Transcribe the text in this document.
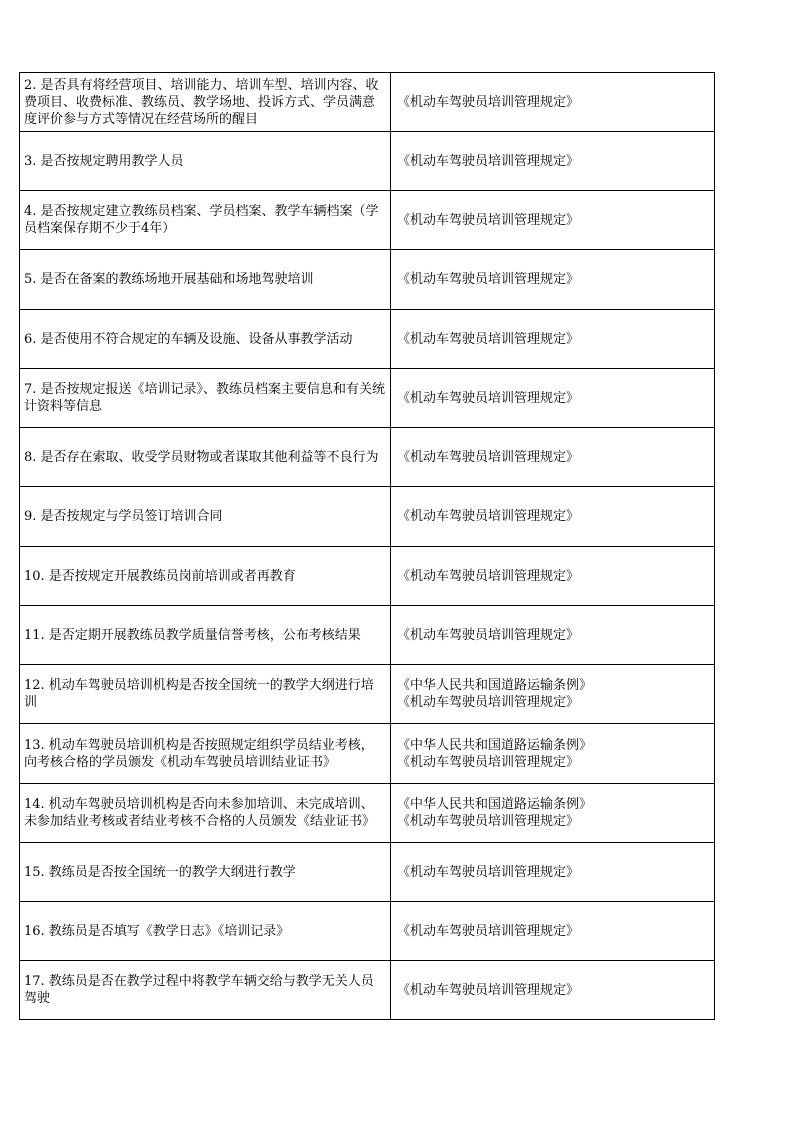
2. 是否具有将经营项目、培训能力、培训车型、培训内容、收费项目、收费标准、教练员、教学场地、投诉方式、学员满意度评价参与方式等情况在经营场所的醒目	《机动车驾驶员培训管理规定》

3. 是否按规定聘用教学人员	《机动车驾驶员培训管理规定》

4. 是否按规定建立教练员档案、学员档案、教学车辆档案（学员档案保存期不少于4年）	《机动车驾驶员培训管理规定》

5. 是否在备案的教练场地开展基础和场地驾驶培训	《机动车驾驶员培训管理规定》

6. 是否使用不符合规定的车辆及设施、设备从事教学活动	《机动车驾驶员培训管理规定》

7. 是否按规定报送《培训记录》、教练员档案主要信息和有关统计资料等信息	《机动车驾驶员培训管理规定》

8. 是否存在索取、收受学员财物或者谋取其他利益等不良行为	《机动车驾驶员培训管理规定》

9. 是否按规定与学员签订培训合同	《机动车驾驶员培训管理规定》

10. 是否按规定开展教练员岗前培训或者再教育	《机动车驾驶员培训管理规定》

11. 是否定期开展教练员教学质量信誉考核，公布考核结果	《机动车驾驶员培训管理规定》

12. 机动车驾驶员培训机构是否按全国统一的教学大纲进行培训	《中华人民共和国道路运输条例》
《机动车驾驶员培训管理规定》

13. 机动车驾驶员培训机构是否按照规定组织学员结业考核，向考核合格的学员颁发《机动车驾驶员培训结业证书》	《中华人民共和国道路运输条例》
《机动车驾驶员培训管理规定》

14. 机动车驾驶员培训机构是否向未参加培训、未完成培训、未参加结业考核或者结业考核不合格的人员颁发《结业证书》	《中华人民共和国道路运输条例》
《机动车驾驶员培训管理规定》

15. 教练员是否按全国统一的教学大纲进行教学	《机动车驾驶员培训管理规定》

16. 教练员是否填写《教学日志》《培训记录》	《机动车驾驶员培训管理规定》

17. 教练员是否在教学过程中将教学车辆交给与教学无关人员驾驶	《机动车驾驶员培训管理规定》
